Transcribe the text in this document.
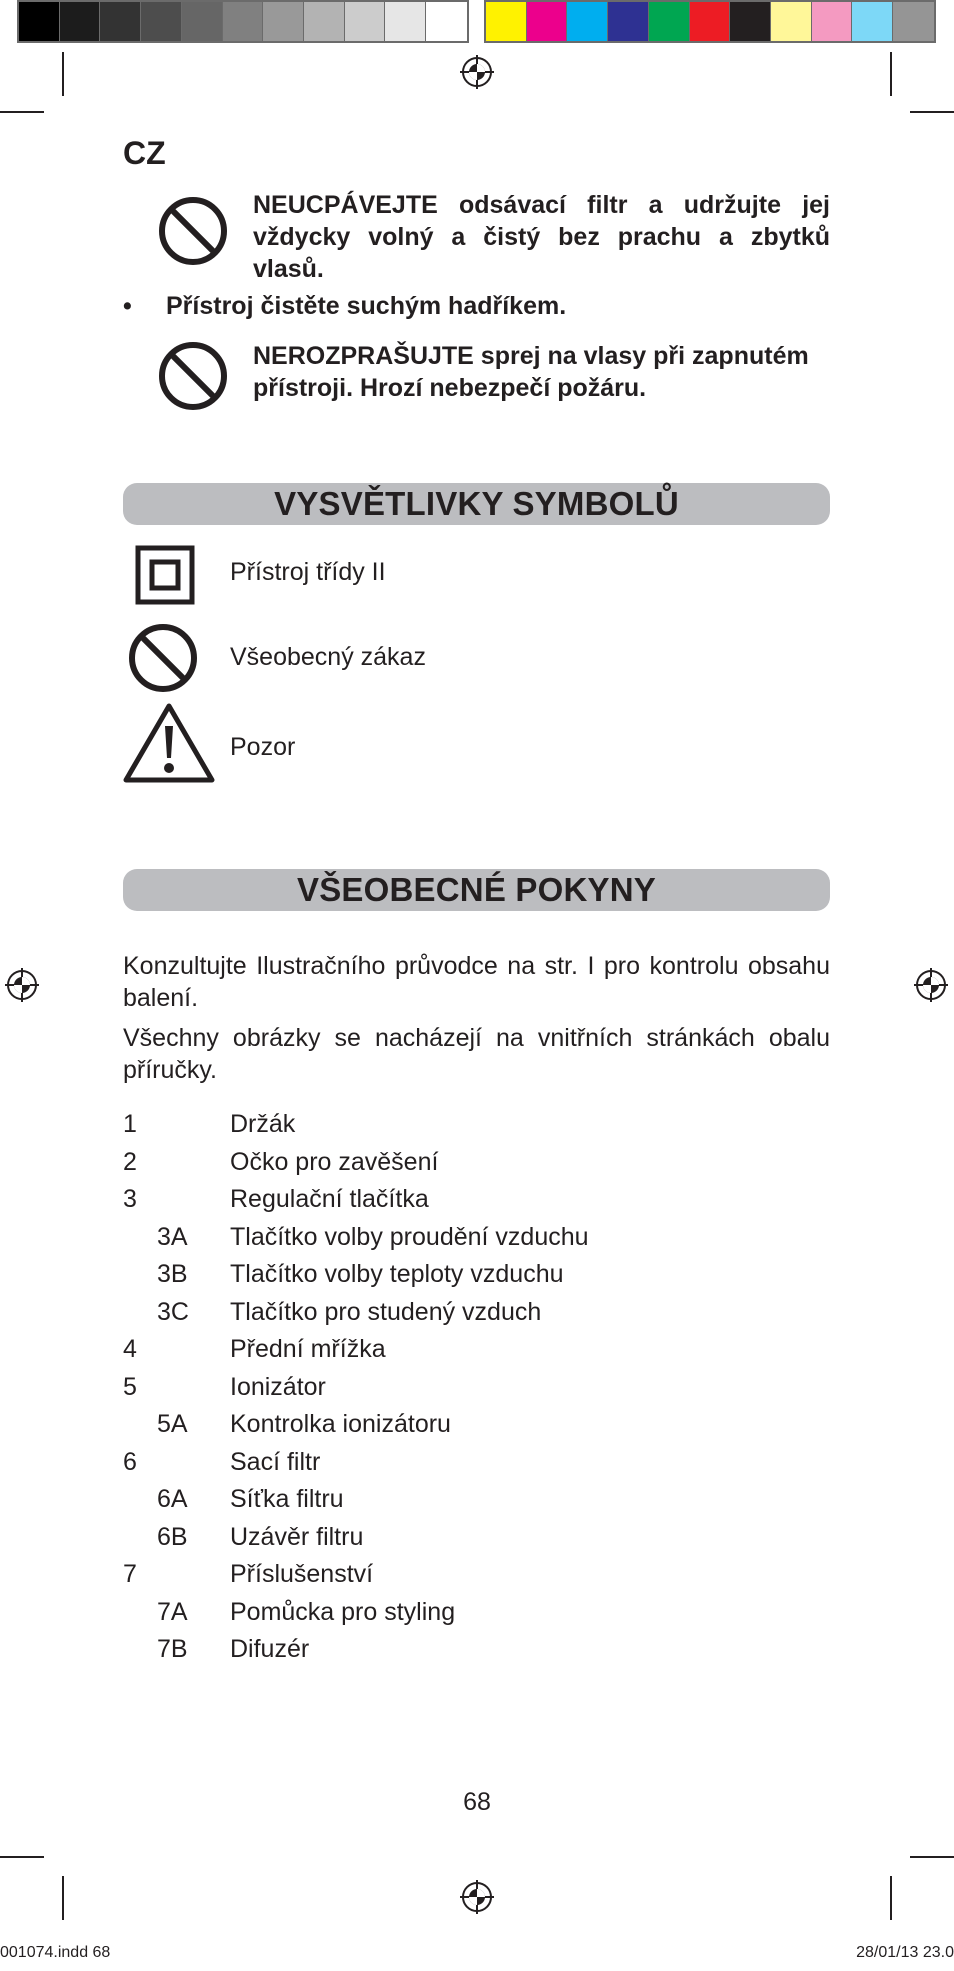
CZ
NEUCPÁVEJTE odsávací filtr a udržujte jej vždycky volný a čistý bez prachu a zbytků vlasů.
•	Přístroj čistěte suchým hadříkem.
NEROZPRAŠUJTE sprej na vlasy při zapnutém přístroji. Hrozí nebezpečí požáru.
VYSVĚTLIVKY SYMBOLŮ
Přístroj třídy II
Všeobecný zákaz
Pozor
VŠEOBECNÉ POKYNY
Konzultujte Ilustračního průvodce na str. I pro kontrolu obsahu balení.
Všechny obrázky se nacházejí na vnitřních stránkách obalu příručky.
1	Držák
2	Očko pro zavěšení
3	Regulační tlačítka
3A Tlačítko volby proudění vzduchu
3B Tlačítko volby teploty vzduchu
3C Tlačítko pro studený vzduch
4	Přední mřížka
5	Ionizátor
5A Kontrolka ionizátoru
6	Sací filtr
6A Síťka filtru
6B Uzávěr filtru
7	Příslušenství
7A Pomůcka pro styling
7B Difuzér
68
001074.indd 68	28/01/13 23.0
